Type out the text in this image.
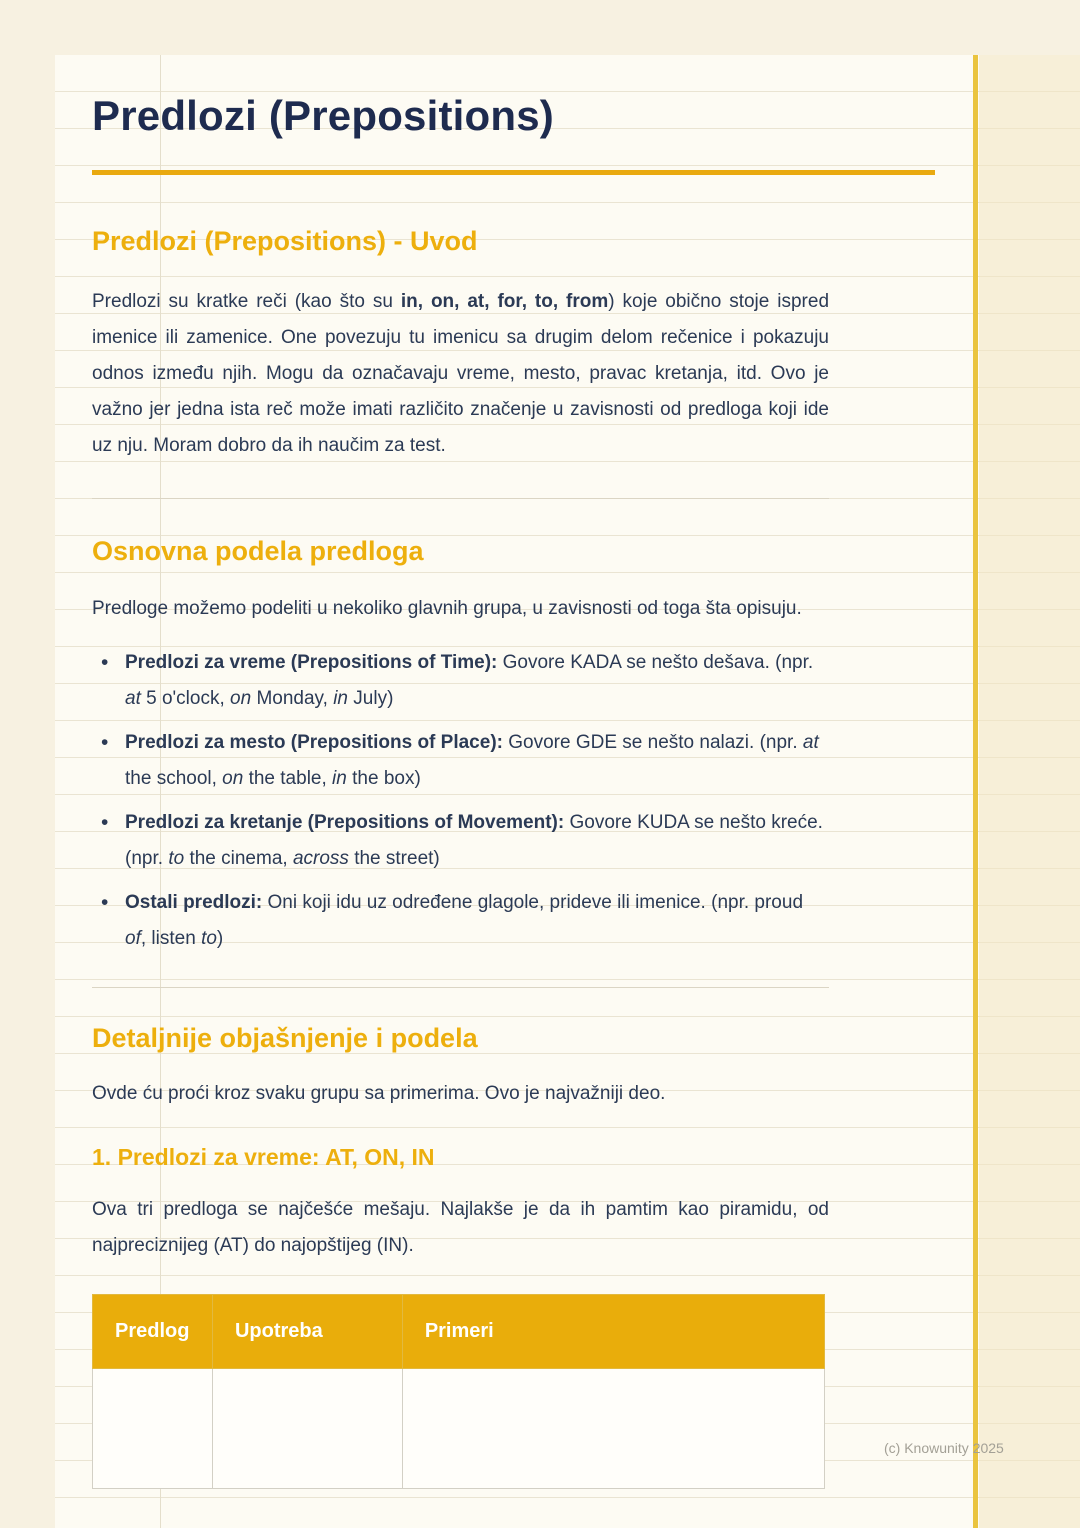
Predlozi (Prepositions)
Predlozi (Prepositions) - Uvod

Predlozi su kratke reči (kao što su in, on, at, for, to, from) koje obično stoje ispred imenice ili zamenice. One povezuju tu imenicu sa drugim delom rečenice i pokazuju odnos između njih. Mogu da označavaju vreme, mesto, pravac kretanja, itd. Ovo je važno jer jedna ista reč može imati različito značenje u zavisnosti od predloga koji ide uz nju. Moram dobro da ih naučim za test.

Osnovna podela predloga

Predloge možemo podeliti u nekoliko glavnih grupa, u zavisnosti od toga šta opisuju.

• Predlozi za vreme (Prepositions of Time): Govore KADA se nešto dešava. (npr. at 5 o'clock, on Monday, in July)
• Predlozi za mesto (Prepositions of Place): Govore GDE se nešto nalazi. (npr. at the school, on the table, in the box)
• Predlozi za kretanje (Prepositions of Movement): Govore KUDA se nešto kreće. (npr. to the cinema, across the street)
• Ostali predlozi: Oni koji idu uz određene glagole, prideve ili imenice. (npr. proud of, listen to)
Detaljnije objašnjenje i podela

Ovde ću proći kroz svaku grupu sa primerima. Ovo je najvažniji deo.

1. Predlozi za vreme: AT, ON, IN

Ova tri predloga se najčešće mešaju. Najlakše je da ih pamtim kao piramidu, od najpreciznijeg (AT) do najopštijeg (IN).

Predlog	Upotreba	Primeri

(c) Knowunity 2025
